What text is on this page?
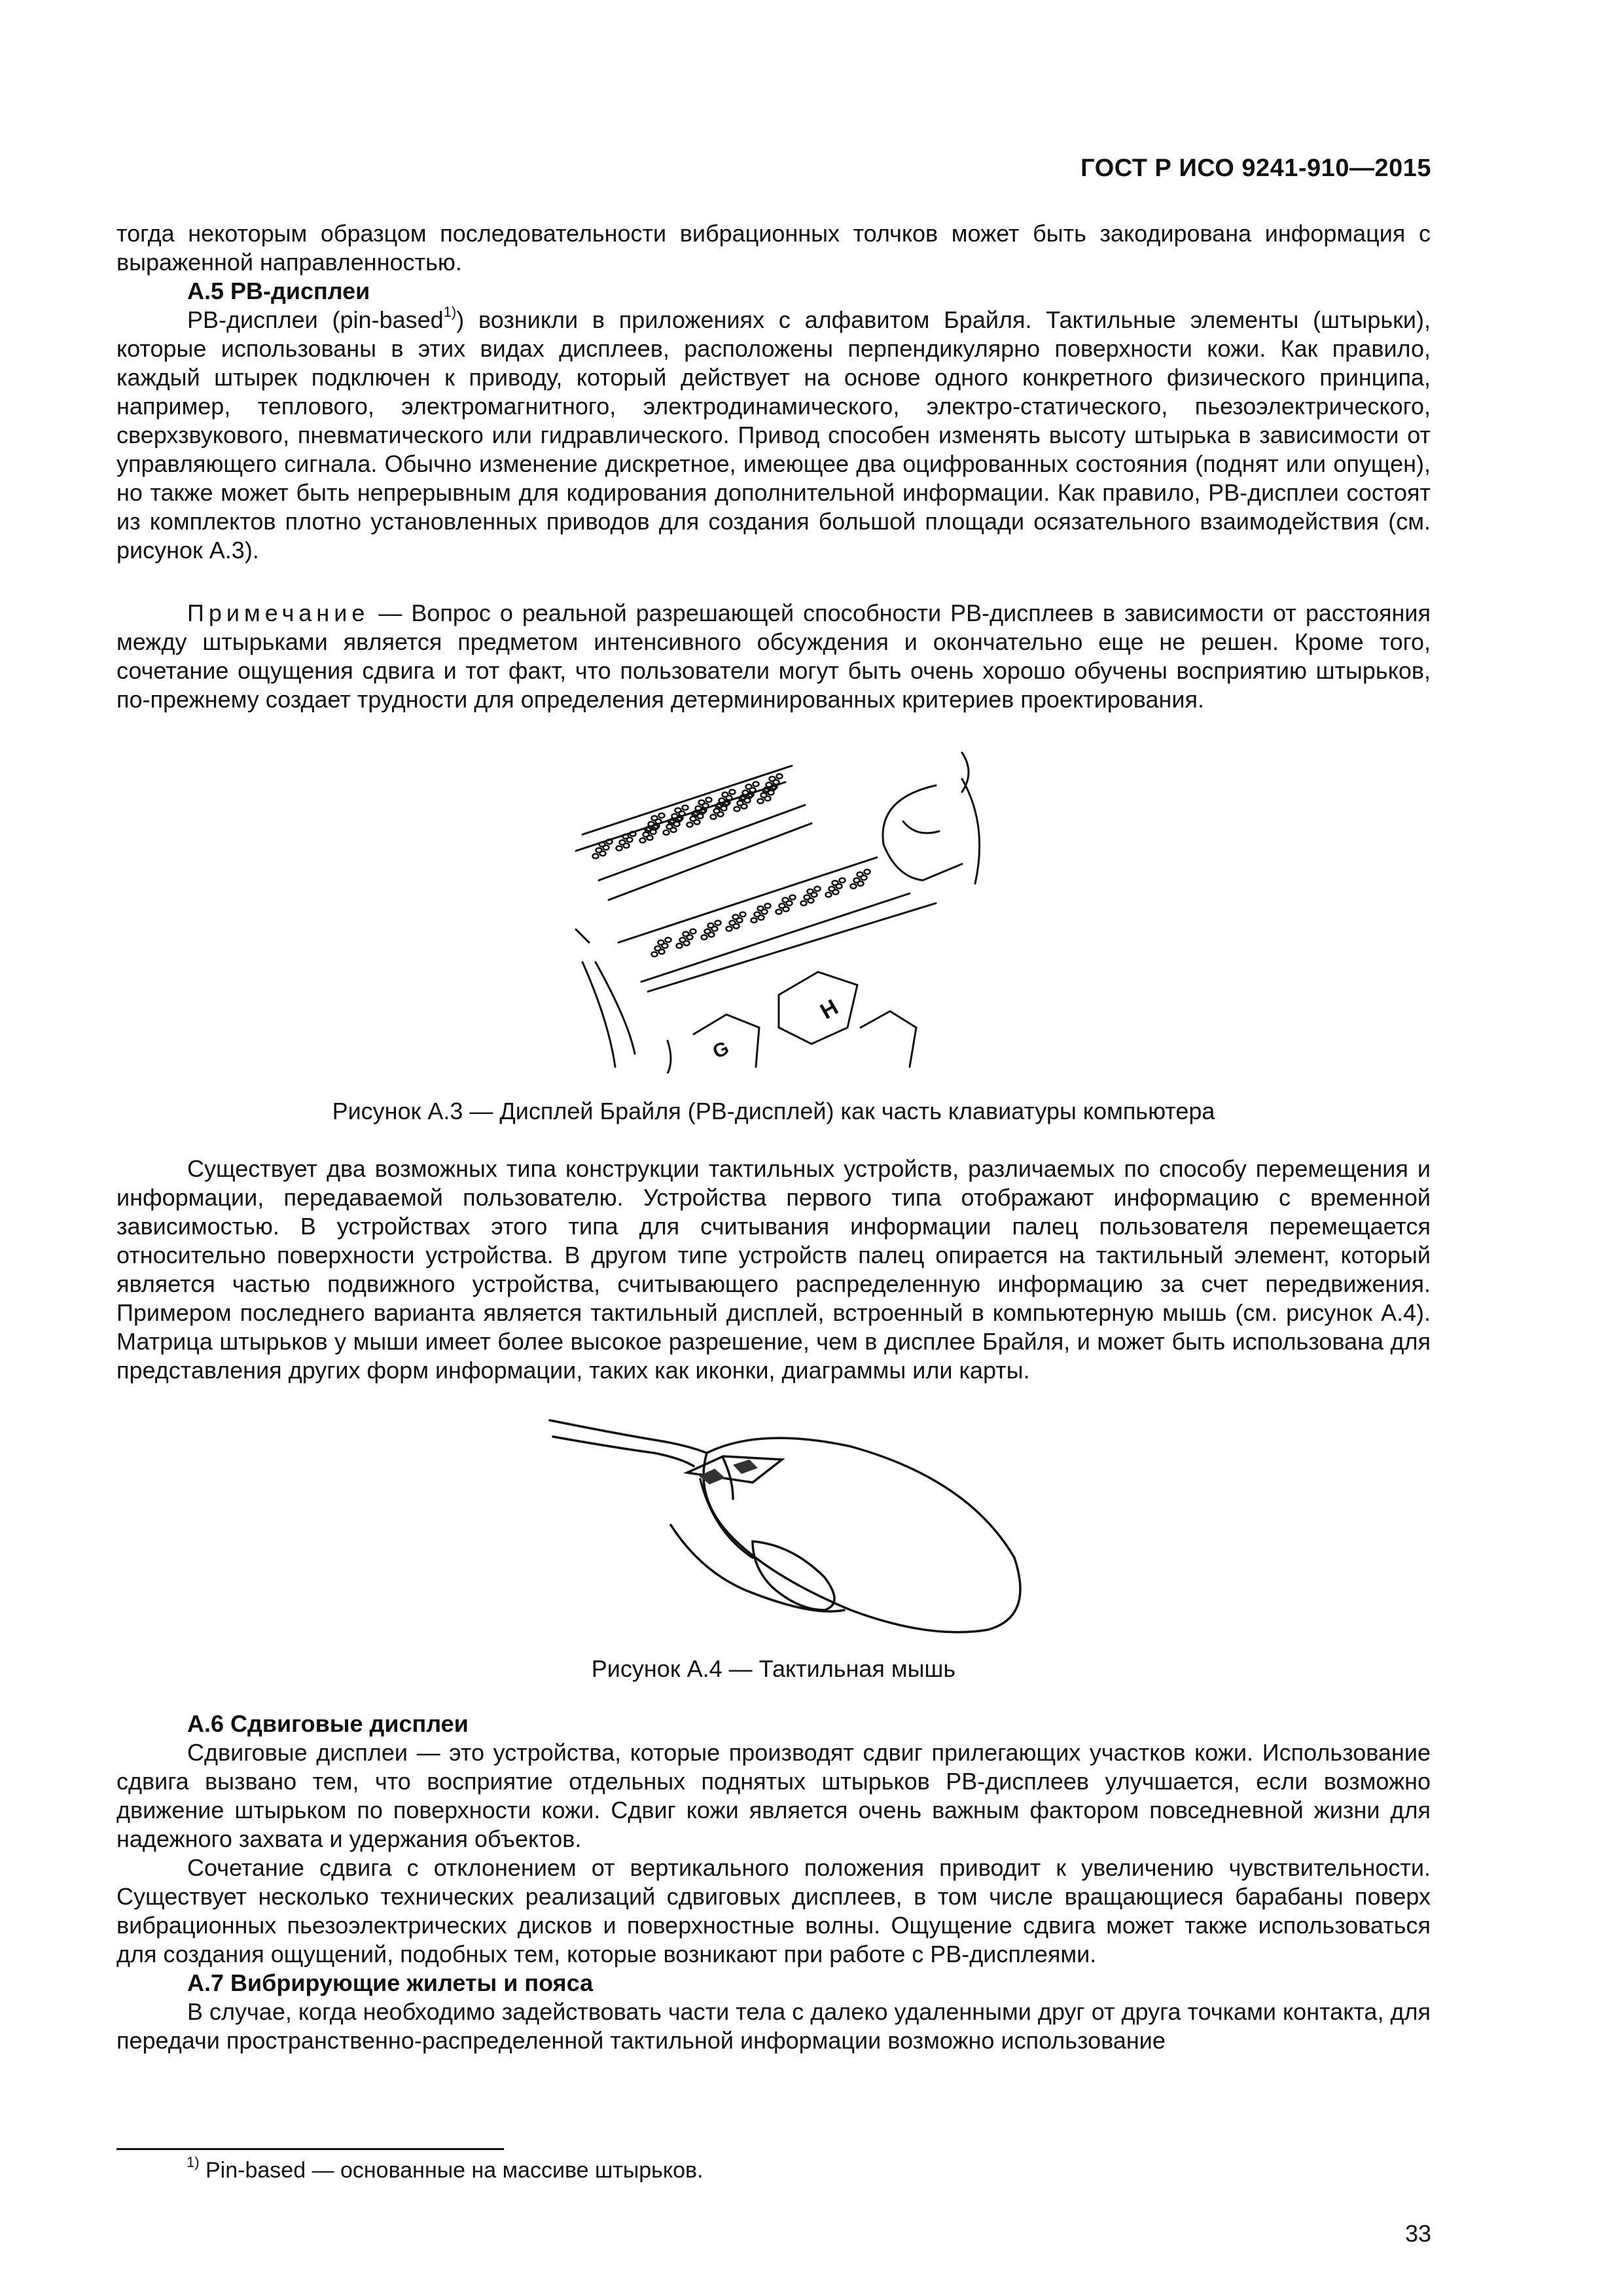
ГОСТ Р ИСО 9241-910—2015

тогда некоторым образцом последовательности вибрационных толчков может быть закодирована информация с выраженной направленностью.

А.5 PB-дисплеи

PB-дисплеи (pin-based$^{1)}$) возникли в приложениях с алфавитом Брайля. Тактильные элементы (штырьки), которые использованы в этих видах дисплеев, расположены перпендикулярно поверхности кожи. Как правило, каждый штырек подключен к приводу, который действует на основе одного конкретного физического принципа, например, теплового, электромагнитного, электродинамического, электро-статического, пьезоэлектрического, сверхзвукового, пневматического или гидравлического. Привод способен изменять высоту штырька в зависимости от управляющего сигнала. Обычно изменение дискретное, имеющее два оцифрованных состояния (поднят или опущен), но также может быть непрерывным для кодирования дополнительной информации. Как правило, PB-дисплеи состоят из комплектов плотно установленных приводов для создания большой площади осязательного взаимодействия (см. рисунок А.3).

Примечание — Вопрос о реальной разрешающей способности PB-дисплеев в зависимости от расстояния между штырьками является предметом интенсивного обсуждения и окончательно еще не решен. Кроме того, сочетание ощущения сдвига и тот факт, что пользователи могут быть очень хорошо обучены восприятию штырьков, по-прежнему создает трудности для определения детерминированных критериев проектирования.

H
G

Рисунок А.3 — Дисплей Брайля (PB-дисплей) как часть клавиатуры компьютера

Существует два возможных типа конструкции тактильных устройств, различаемых по способу перемещения и информации, передаваемой пользователю. Устройства первого типа отображают информацию с временной зависимостью. В устройствах этого типа для считывания информации палец пользователя перемещается относительно поверхности устройства. В другом типе устройств палец опирается на тактильный элемент, который является частью подвижного устройства, считывающего распределенную информацию за счет передвижения. Примером последнего варианта является тактильный дисплей, встроенный в компьютерную мышь (см. рисунок А.4). Матрица штырьков у мыши имеет более высокое разрешение, чем в дисплее Брайля, и может быть использована для представления других форм информации, таких как иконки, диаграммы или карты.

Рисунок А.4 — Тактильная мышь

А.6 Сдвиговые дисплеи

Сдвиговые дисплеи — это устройства, которые производят сдвиг прилегающих участков кожи. Использование сдвига вызвано тем, что восприятие отдельных поднятых штырьков PB-дисплеев улучшается, если возможно движение штырьком по поверхности кожи. Сдвиг кожи является очень важным фактором повседневной жизни для надежного захвата и удержания объектов.

Сочетание сдвига с отклонением от вертикального положения приводит к увеличению чувствительности. Существует несколько технических реализаций сдвиговых дисплеев, в том числе вращающиеся барабаны поверх вибрационных пьезоэлектрических дисков и поверхностные волны. Ощущение сдвига может также использоваться для создания ощущений, подобных тем, которые возникают при работе с PB-дисплеями.

А.7 Вибрирующие жилеты и пояса

В случае, когда необходимо задействовать части тела с далеко удаленными друг от друга точками контакта, для передачи пространственно-распределенной тактильной информации возможно использование

$^{1)}$ Pin-based — основанные на массиве штырьков.
33
